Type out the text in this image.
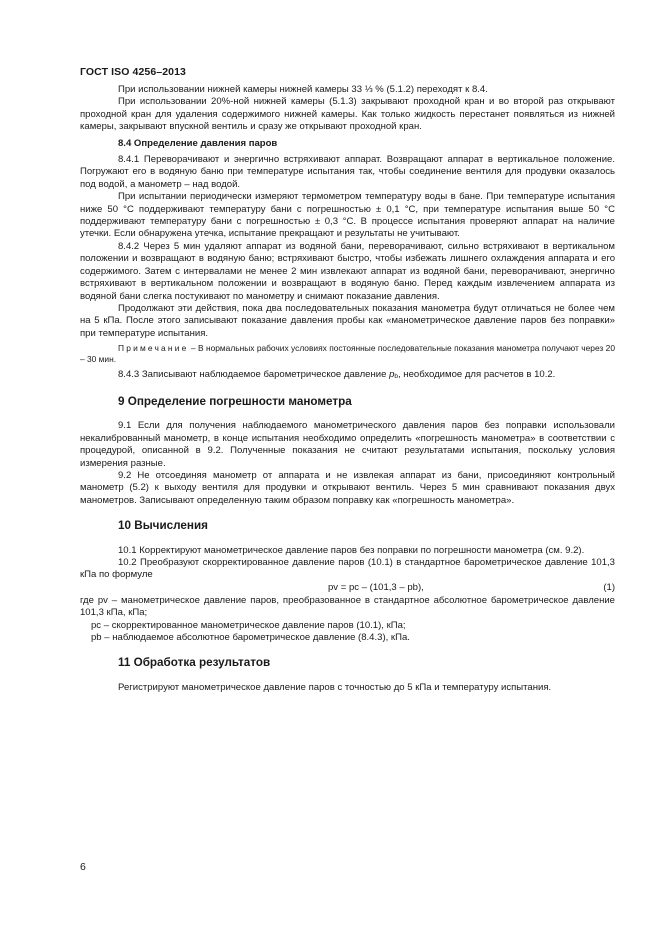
ГОСТ ISO 4256–2013

При использовании нижней камеры нижней камеры 33 ⅓ % (5.1.2) переходят к 8.4.

При использовании 20%-ной нижней камеры (5.1.3) закрывают проходной кран и во второй раз открывают проходной кран для удаления содержимого нижней камеры. Как только жидкость перестанет появляться из нижней камеры, закрывают впускной вентиль и сразу же открывают проходной кран.

8.4 Определение давления паров

8.4.1 Переворачивают и энергично встряхивают аппарат. Возвращают аппарат в вертикальное положение. Погружают его в водяную баню при температуре испытания так, чтобы соединение вентиля для продувки оказалось под водой, а манометр – над водой.

При испытании периодически измеряют термометром температуру воды в бане. При температуре испытания ниже 50 °C поддерживают температуру бани с погрешностью ± 0,1 °C, при температуре испытания выше 50 °C поддерживают температуру бани с погрешностью ± 0,3 °C. В процессе испытания проверяют аппарат на наличие утечки. Если обнаружена утечка, испытание прекращают и результаты не учитывают.

8.4.2 Через 5 мин удаляют аппарат из водяной бани, переворачивают, сильно встряхивают в вертикальном положении и возвращают в водяную баню; встряхивают быстро, чтобы избежать лишнего охлаждения аппарата и его содержимого. Затем с интервалами не менее 2 мин извлекают аппарат из водяной бани, переворачивают, энергично встряхивают в вертикальном положении и возвращают в водяную баню. Перед каждым извлечением аппарата из водяной бани слегка постукивают по манометру и снимают показание давления.

Продолжают эти действия, пока два последовательных показания манометра будут отличаться не более чем на 5 кПа. После этого записывают показание давления пробы как «манометрическое давление паров без поправки» при температуре испытания.

Примечание – В нормальных рабочих условиях постоянные последовательные показания манометра получают через 20 – 30 мин.

8.4.3 Записывают наблюдаемое барометрическое давление $p_b$, необходимое для расчетов в 10.2.

9 Определение погрешности манометра

9.1 Если для получения наблюдаемого манометрического давления паров без поправки использовали некалиброванный манометр, в конце испытания необходимо определить «погрешность манометра» в соответствии с процедурой, описанной в 9.2. Полученные показания не считают результатами испытания, поскольку условия измерения разные.

9.2 Не отсоединяя манометр от аппарата и не извлекая аппарат из бани, присоединяют контрольный манометр (5.2) к выходу вентиля для продувки и открывают вентиль. Через 5 мин сравнивают показания двух манометров. Записывают определенную таким образом поправку как «погрешность манометра».

10 Вычисления

10.1 Корректируют манометрическое давление паров без поправки по погрешности манометра (см. 9.2).

10.2 Преобразуют скорректированное давление паров (10.1) в стандартное барометрическое давление 101,3 кПа по формуле

pv = pc – (101,3 – pb),	(1)

где pv – манометрическое давление паров, преобразованное в стандартное абсолютное барометрическое давление 101,3 кПа, кПа;

pc – скорректированное манометрическое давление паров (10.1), кПа;

pb – наблюдаемое абсолютное барометрическое давление (8.4.3), кПа.

11 Обработка результатов

Регистрируют манометрическое давление паров с точностью до 5 кПа и температуру испытания.

6
